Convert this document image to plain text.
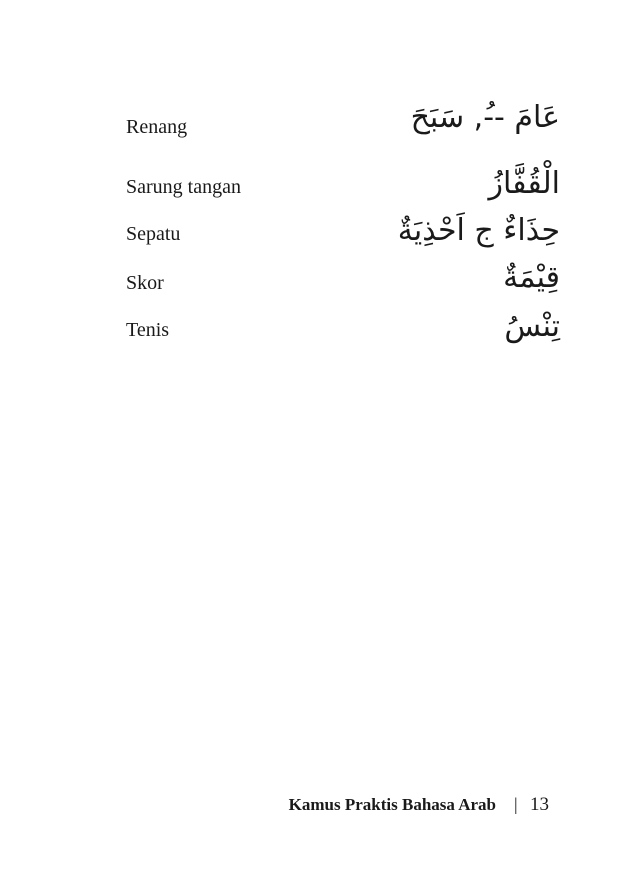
Renang	عَامَ --ُ, سَبَحَ
Sarung tangan	الْقُفَّازُ
Sepatu	حِذَاءٌ ج اَحْذِيَةٌ
Skor	قِيْمَةٌ
Tenis	تِنْسُ
Kamus Praktis Bahasa Arab | 13
